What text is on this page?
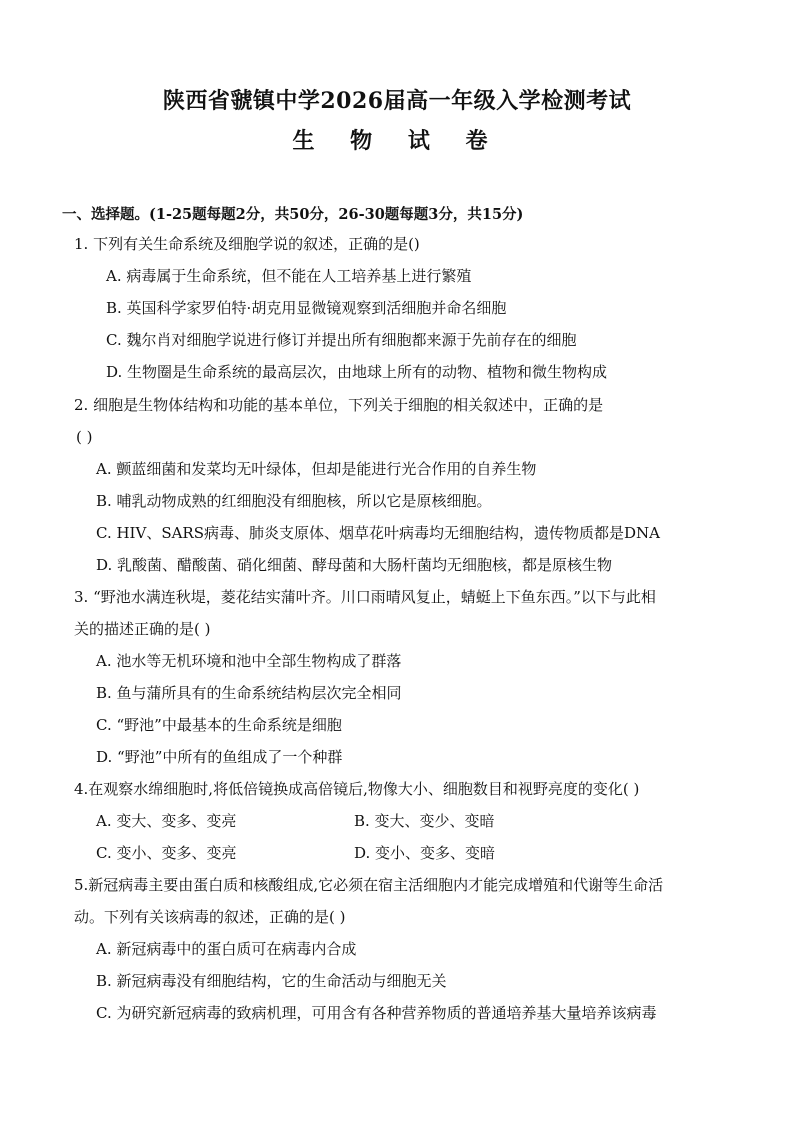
陕西省虢镇中学2026届高一年级入学检测考试
生 物 试 卷
一、选择题。(1-25题每题2分，共50分，26-30题每题3分，共15分)
1. 下列有关生命系统及细胞学说的叙述，正确的是()
A. 病毒属于生命系统，但不能在人工培养基上进行繁殖
B. 英国科学家罗伯特·胡克用显微镜观察到活细胞并命名细胞
C. 魏尔肖对细胞学说进行修订并提出所有细胞都来源于先前存在的细胞
D. 生物圈是生命系统的最高层次，由地球上所有的动物、植物和微生物构成
2. 细胞是生物体结构和功能的基本单位，下列关于细胞的相关叙述中，正确的是
( )
A. 颤蓝细菌和发菜均无叶绿体，但却是能进行光合作用的自养生物
B. 哺乳动物成熟的红细胞没有细胞核，所以它是原核细胞。
C. HIV、SARS病毒、肺炎支原体、烟草花叶病毒均无细胞结构，遗传物质都是DNA
D. 乳酸菌、醋酸菌、硝化细菌、酵母菌和大肠杆菌均无细胞核，都是原核生物
3. “野池水满连秋堤，菱花结实蒲叶齐。川口雨晴风复止，蜻蜓上下鱼东西。”以下与此相
关的描述正确的是( )
A. 池水等无机环境和池中全部生物构成了群落
B. 鱼与蒲所具有的生命系统结构层次完全相同
C. “野池”中最基本的生命系统是细胞
D. “野池”中所有的鱼组成了一个种群
4.在观察水绵细胞时,将低倍镜换成高倍镜后,物像大小、细胞数目和视野亮度的变化( )
A. 变大、变多、变亮	B. 变大、变少、变暗
C. 变小、变多、变亮	D. 变小、变多、变暗
5.新冠病毒主要由蛋白质和核酸组成,它必须在宿主活细胞内才能完成增殖和代谢等生命活
动。下列有关该病毒的叙述，正确的是( )
A. 新冠病毒中的蛋白质可在病毒内合成
B. 新冠病毒没有细胞结构，它的生命活动与细胞无关
C. 为研究新冠病毒的致病机理，可用含有各种营养物质的普通培养基大量培养该病毒
